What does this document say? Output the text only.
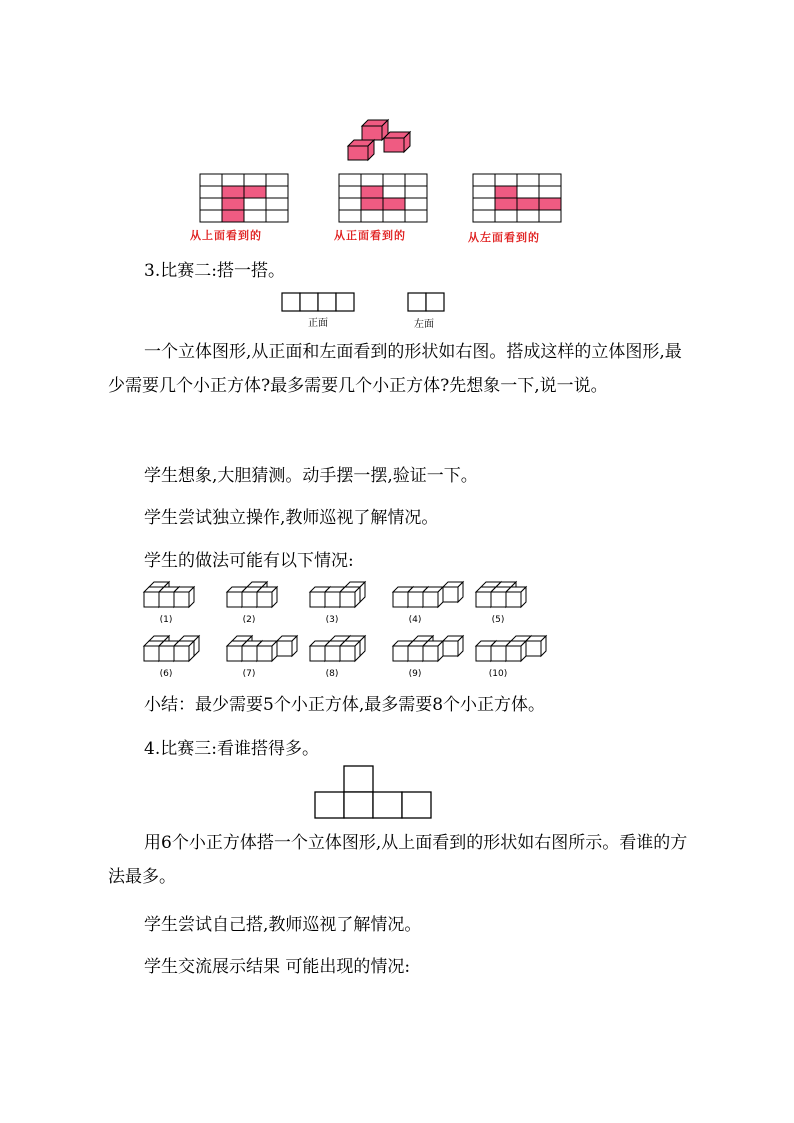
从上面看到的	从正面看到的	从左面看到的

3.比赛二:搭一搭。

正面	左面

一个立体图形,从正面和左面看到的形状如右图。搭成这样的立体图形,最少需要几个小正方体?最多需要几个小正方体?先想象一下,说一说。

学生想象,大胆猜测。动手摆一摆,验证一下。

学生尝试独立操作,教师巡视了解情况。

学生的做法可能有以下情况:

(1)	(2)	(3)	(4)	(5)
(6)	(7)	(8)	(9)	(10)

小结：最少需要5个小正方体,最多需要8个小正方体。

4.比赛三:看谁搭得多。

用6个小正方体搭一个立体图形,从上面看到的形状如右图所示。看谁的方法最多。

学生尝试自己搭,教师巡视了解情况。

学生交流展示结果 可能出现的情况:
